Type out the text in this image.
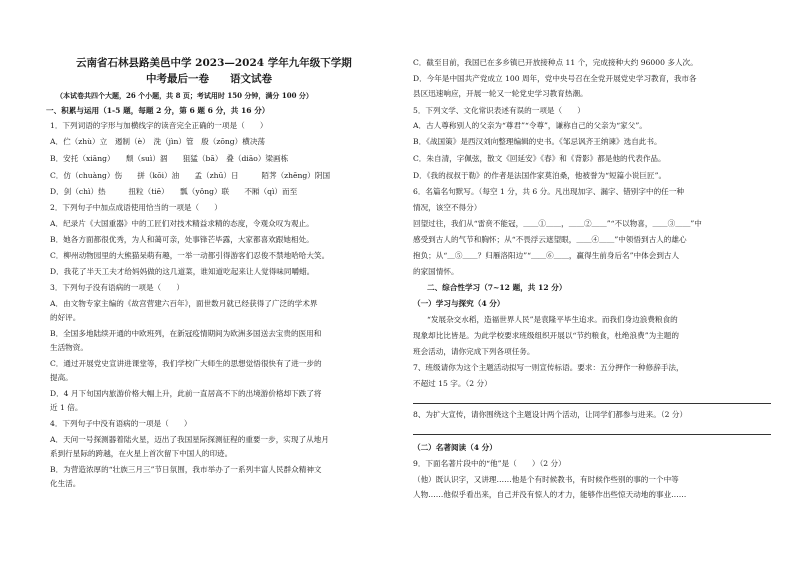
云南省石林县路美邑中学 2023—2024 学年九年级下学期
中考最后一卷　　语文试卷
（本试卷共四个大题，26 个小题，共 8 页；考试用时 150 分钟，满分 100 分）
一、积累与运用（1-5 题，每题 2 分，第 6 题 6 分，共 16 分）
1．下列词语的字形与加横线字的读音完全正确的一项是（　　）
A．伫（zhù）立　遏制（è）　洗（jìn）管　殷（zōng）横决荡
B．安托（xiāng）　　颓（suì）涸　　狙猛（bā）　叠（diāo）梁画栋
C．仿（chuàng）伤　　拼（kōi）油　　孟（zhū）日　　　陌荠（zhēng）阴国
D．剑（chì）热　　　扭粒（tiē）　　瓢（yǒng）联　　不厢（qì）而至
2．下列句子中加点成语使用恰当的一项是（　　）
A．纪录片《大国重器》中的工匠们对技术精益求精的态度，令观众叹为观止。
B．她各方面都很优秀，为人和蔼可亲，处事锋芒毕露，大家都喜欢跟她相处。
C．柳州动物园里的大熊猫呆萌有趣，一举一动都引得游客们忍俊不禁地哈哈大笑。
D．我花了半天工夫才给妈妈做的这几道菜，谁知道吃起来让人觉得味同嚼蜡。
3．下列句子没有语病的一项是（　　）
A．由文物专家主编的《故宫营建六百年》，面世数月就已经获得了广泛的学术界
的好评。
B．全国多地陆续开通的中欧班列，在新冠疫情期间为欧洲多国送去宝贵的医用和
生活物资。
C．通过开展党史宣讲进课堂等，我们学校广大师生的思想觉悟很快有了进一步的
提高。
D．4 月下旬国内旅游价格大幅上升，此前一直居高不下的出境游价格却下跌了将
近 1 倍。
4．下列句子中没有语病的一项是（　　）
A．天问一号探测器着陆火星，迈出了我国星际探测征程的重要一步，实现了从地月
系到行星际的跨越，在火星上首次留下中国人的印迹。
B．为营造浓厚的“壮族三月三”节日氛围，我市举办了一系列丰富人民群众精神文
化生活。
C．截至目前，我国已在多乡镇已开放接种点 11 个，完成接种大约 96000 多人次。
D．今年是中国共产党成立 100 周年，党中央号召在全党开展党史学习教育，我市各
县区迅速响应，开展一轮又一轮党史学习教育热潮。
5．下列文学、文化常识表述有误的一项是（　　）
A．古人尊称别人的父亲为“尊君”“令尊”，谦称自己的父亲为“家父”。
B．《战国策》是西汉刘向整理编辑的史书。《邹忌讽齐王纳谏》选自此书。
C．朱自清，字佩弦，散文《回延安》《春》和《背影》都是他的代表作品。
D．《我的叔叔于勒》的作者是法国作家莫泊桑，他被誉为“短篇小说巨匠”。
6．名篇名句默写。（每空 1 分，共 6 分。凡出现加字、漏字、错别字中的任一种
情况，该空不得分）
回望过往，我们从“雷贲不能冠，＿＿①＿＿，＿＿②＿＿”“不以物喜，＿＿③＿＿”中
感受到古人的气节和胸怀；从“不畏浮云遮望眼，＿＿④＿＿”中领悟到古人的雄心
抱负；从“＿⑤＿＿？归雁洛阳边”“＿＿⑥＿＿，赢得生前身后名”中体会到古人
的家国情怀。
二、综合性学习（7~12 题，共 12 分）
（一）学习与探究（4 分）
“发展杂交水稻，造福世界人民”是袁隆平毕生追求。而我们身边浪费粮食的
现象却比比皆是。为此学校要求班级组织开展以“节约粮食，杜绝浪费”为主题的
班会活动，请你完成下列各项任务。
7、班级请你为这个主题活动拟写一则宣传标语。要求：五分押作一种修辞手法，
不超过 15 字。（2 分）
8、为扩大宣传，请你围绕这个主题设计两个活动，让同学们都参与进来。（2 分）
（二）名著阅读（4 分）
9．下面名著片段中的“他”是（　　）（2 分）
（他）既认识字，又讲理……他是个有时候教书，有时候作些别的事的一个中等
人物……他似乎看出来，自己并没有惊人的才力，能够作出些惊天动地的事业……
